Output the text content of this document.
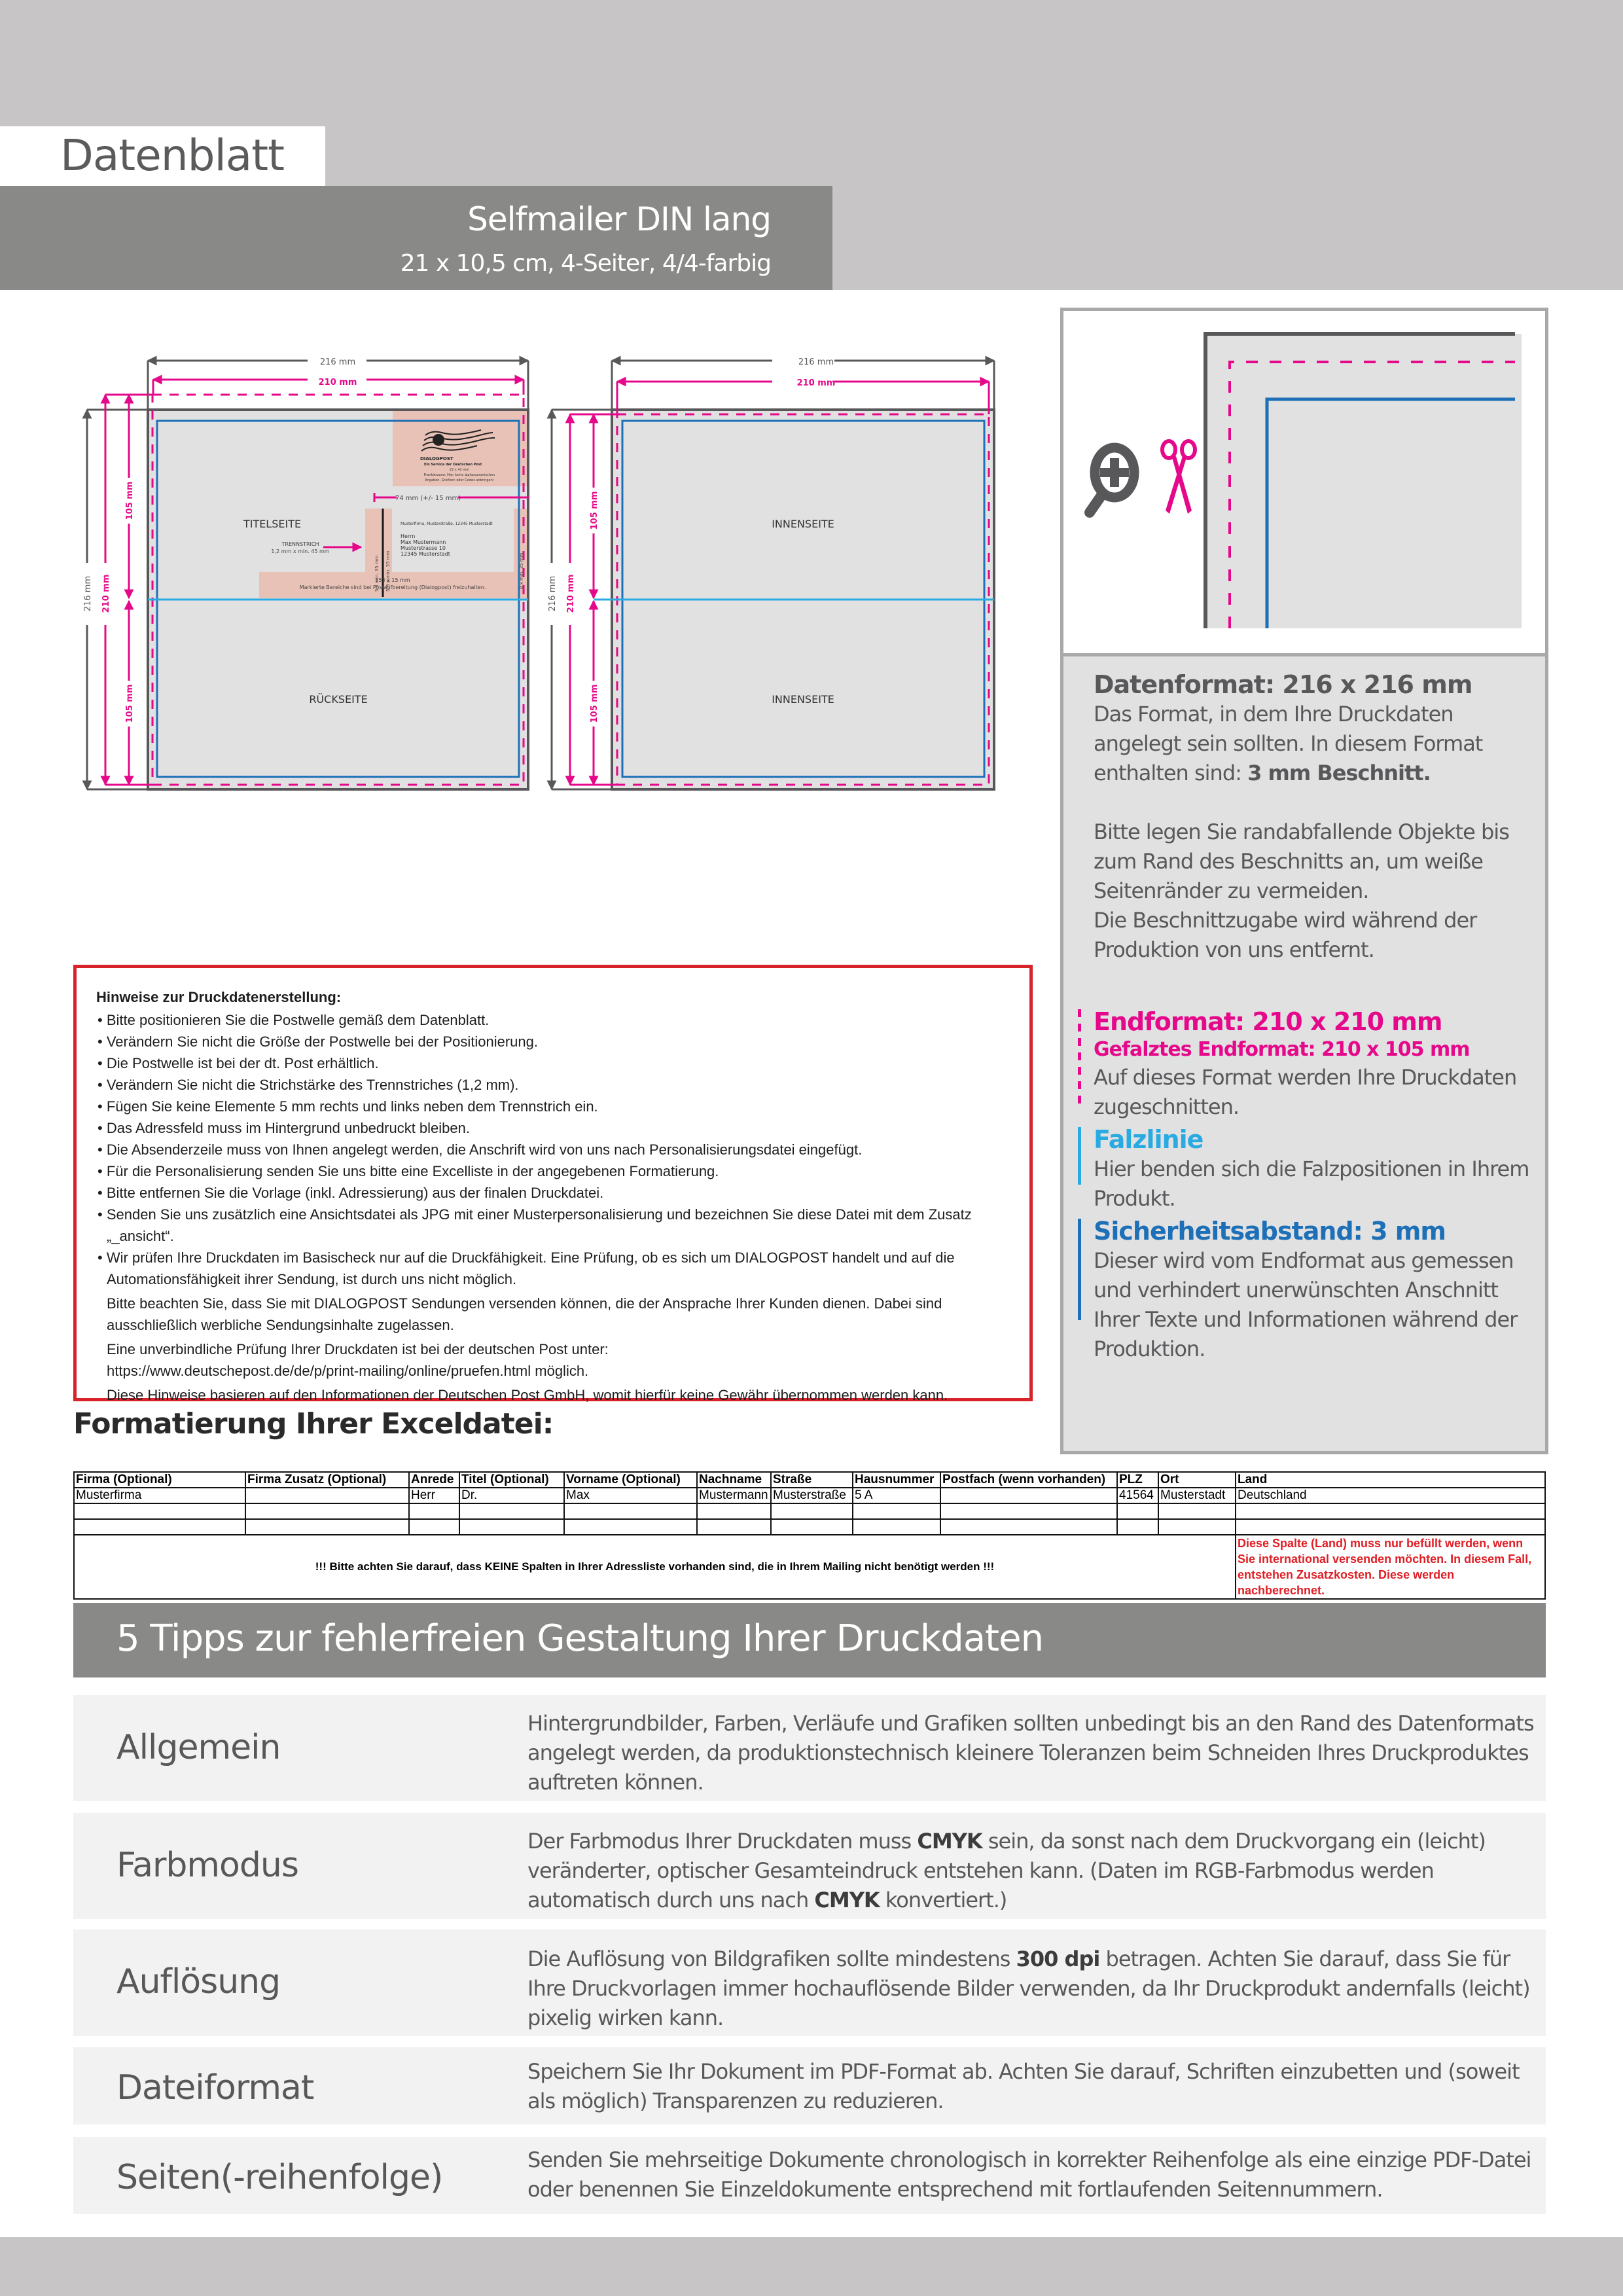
Datenblatt
Selfmailer DIN lang
21 x 10,5 cm, 4-Seiter, 4/4-farbig
DIALOGPOST
Ein Service der Deutschen Post
22 x 42 mm
Frankierzone: Hier keine alphanumerischen
Angaben, Grafiken oder Codes anbringen!
74 mm (+/- 15 mm)
TITELSEITE
RÜCKSEITE
TRENNSTRICH
1,2 mm x min. 45 mm
5 x min. 35 mm 5-8 x min. 35 mm	8 x min. 35 mm
Musterfirma, Musterstraße, 12345 Musterstadt
Herrn
Max Mustermann
Musterstrasse 10
12345 Musterstadt
153 x 15 mm
Markierte Bereiche sind bei Postaufbereitung (Dialogpost) freizuhalten.
216 mm
210 mm
216 mm 210 mm
105 mm
105 mm
INNENSEITE
INNENSEITE
216 mm
210 mm
216 mm 210 mm
105 mm
105 mm	Datenformat: 216 x 216 mm

Das Format, in dem Ihre Druckdaten angelegt sein sollten. In diesem Format enthalten sind: 3 mm Beschnitt.

Bitte legen Sie randabfallende Objekte bis zum Rand des Beschnitts an, um weiße Seitenränder zu vermeiden.

Die Beschnittzugabe wird während der Produktion von uns entfernt.

Endformat: 210 x 210 mm
Gefalztes Endformat: 210 x 105 mm

Auf dieses Format werden Ihre Druckdaten zugeschnitten.

Falzlinie

Hier benden sich die Falzpositionen in Ihrem Produkt.

Sicherheitsabstand: 3 mm

Dieser wird vom Endformat aus gemessen und verhindert unerwünschten Anschnitt Ihrer Texte und Informationen während der Produktion.

Hinweise zur Druckdatenerstellung:
• Bitte positionieren Sie die Postwelle gemäß dem Datenblatt.
• Verändern Sie nicht die Größe der Postwelle bei der Positionierung.
• Die Postwelle ist bei der dt. Post erhältlich.
• Verändern Sie nicht die Strichstärke des Trennstriches (1,2 mm).
• Fügen Sie keine Elemente 5 mm rechts und links neben dem Trennstrich ein.
• Das Adressfeld muss im Hintergrund unbedruckt bleiben.
• Die Absenderzeile muss von Ihnen angelegt werden, die Anschrift wird von uns nach Personalisierungsdatei eingefügt.
• Für die Personalisierung senden Sie uns bitte eine Excelliste in der angegebenen Formatierung.
• Bitte entfernen Sie die Vorlage (inkl. Adressierung) aus der finalen Druckdatei.
• Senden Sie uns zusätzlich eine Ansichtsdatei als JPG mit einer Musterpersonalisierung und bezeichnen Sie diese Datei mit dem Zusatz „_ansicht“.
• Wir prüfen Ihre Druckdaten im Basischeck nur auf die Druckfähigkeit. Eine Prüfung, ob es sich um DIALOGPOST handelt und auf die Automationsfähigkeit ihrer Sendung, ist durch uns nicht möglich.
Bitte beachten Sie, dass Sie mit DIALOGPOST Sendungen versenden können, die der Ansprache Ihrer Kunden dienen. Dabei sind ausschließlich werbliche Sendungsinhalte zugelassen.
Eine unverbindliche Prüfung Ihrer Druckdaten ist bei der deutschen Post unter:
https://www.deutschepost.de/de/p/print-mailing/online/pruefen.html möglich.
Diese Hinweise basieren auf den Informationen der Deutschen Post GmbH, womit hierfür keine Gewähr übernommen werden kann.
Formatierung Ihrer Exceldatei:
Firma (Optional)	Firma Zusatz (Optional)	Anrede	Titel (Optional)	Vorname (Optional)	Nachname	Straße	Hausnummer	Postfach (wenn vorhanden)	PLZ	Ort	Land
Musterfirma		Herr	Dr.	Max	Mustermann	Musterstraße	5 A		41564	Musterstadt	Deutschland

!!! Bitte achten Sie darauf, dass KEINE Spalten in Ihrer Adressliste vorhanden sind, die in Ihrem Mailing nicht benötigt werden !!!											Diese Spalte (Land) muss nur befüllt werden, wenn Sie international versenden möchten. In diesem Fall, entstehen Zusatzkosten. Diese werden nachberechnet.
5 Tipps zur fehlerfreien Gestaltung Ihrer Druckdaten
Allgemein
Hintergrundbilder, Farben, Verläufe und Grafiken sollten unbedingt bis an den Rand des Datenformats angelegt werden, da produktionstechnisch kleinere Toleranzen beim Schneiden Ihres Druckproduktes auftreten können.
Farbmodus
Der Farbmodus Ihrer Druckdaten muss CMYK sein, da sonst nach dem Druckvorgang ein (leicht) veränderter, optischer Gesamteindruck entstehen kann. (Daten im RGB-Farbmodus werden automatisch durch uns nach CMYK konvertiert.)
Auflösung
Die Auflösung von Bildgrafiken sollte mindestens 300 dpi betragen. Achten Sie darauf, dass Sie für Ihre Druckvorlagen immer hochauflösende Bilder verwenden, da Ihr Druckprodukt andernfalls (leicht) pixelig wirken kann.
Dateiformat	Speichern Sie Ihr Dokument im PDF-Format ab. Achten Sie darauf, Schriften einzubetten und (soweit als möglich) Transparenzen zu reduzieren.
Seiten(-reihenfolge)	Senden Sie mehrseitige Dokumente chronologisch in korrekter Reihenfolge als eine einzige PDF-Datei oder benennen Sie Einzeldokumente entsprechend mit fortlaufenden Seitennummern.
